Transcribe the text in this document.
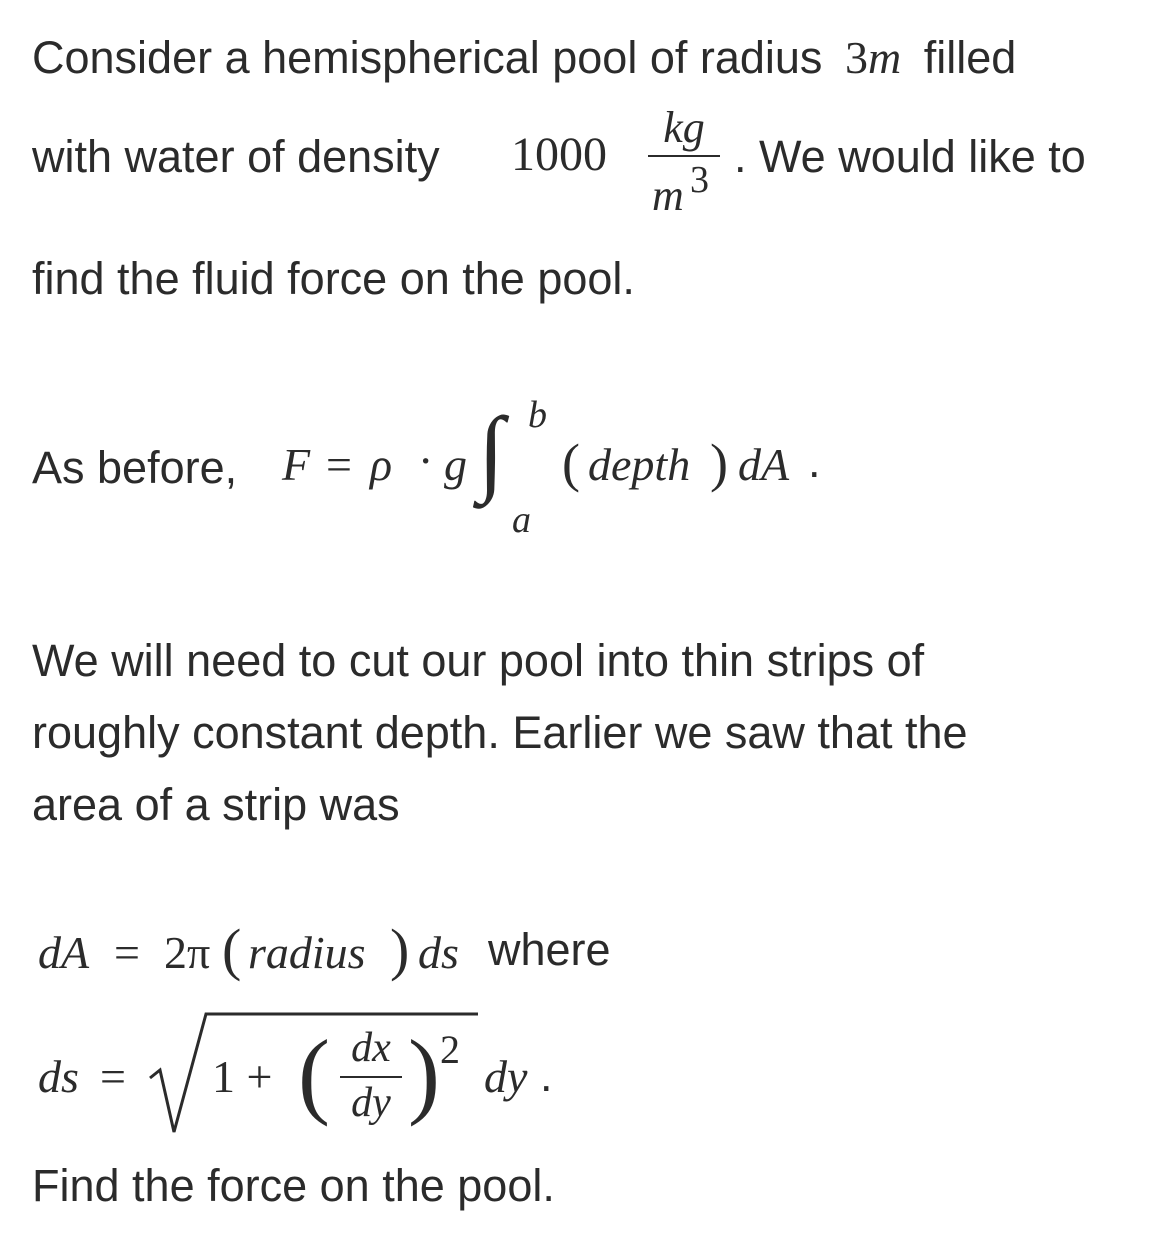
Consider a hemispherical pool of radius 3m filled
with water of density 1000
kg
m 3 . We would like to
find the fluid force on the pool.
As before, F = ρ · g ∫ b
a
( depth ) dA .
We will need to cut our pool into thin strips of
roughly constant depth. Earlier we saw that the
area of a strip was
dA = 2π ( radius ) ds where
ds = 1 + ( dx
dy ) 2
dy .
Find the force on the pool.
